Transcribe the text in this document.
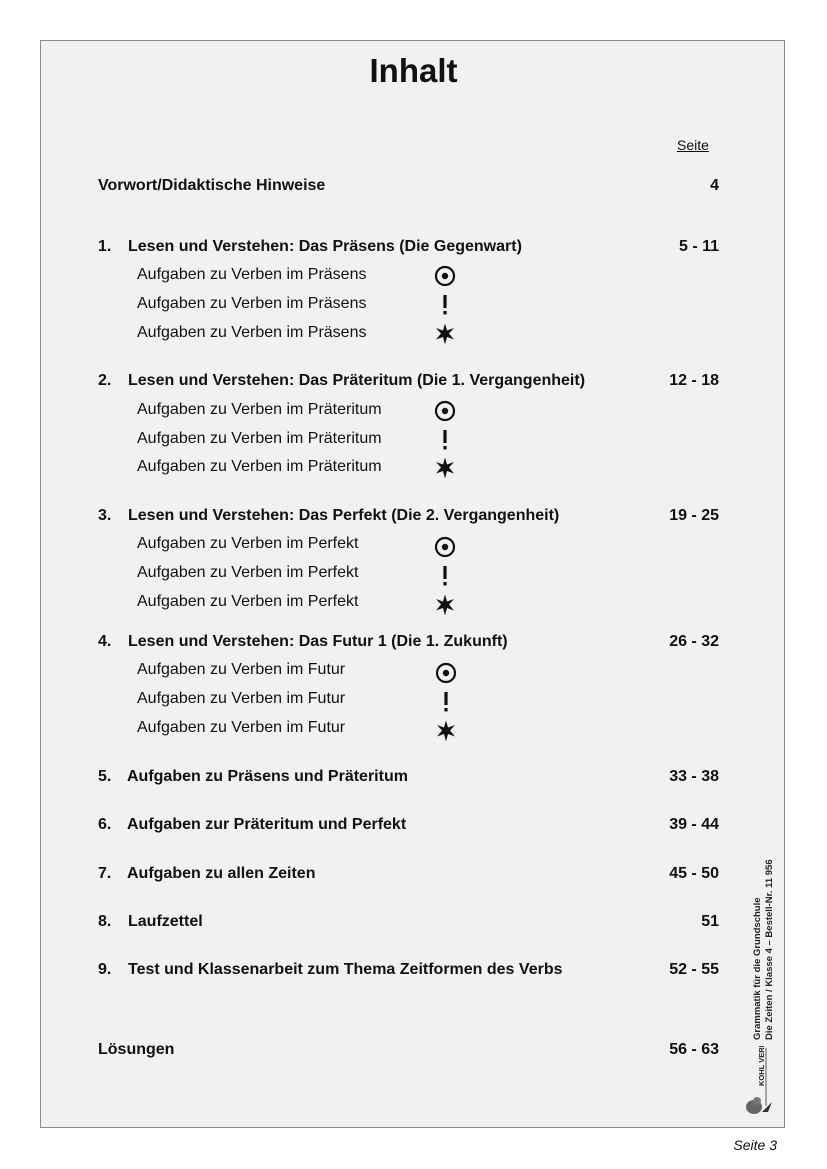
Inhalt
Seite
Vorwort/Didaktische Hinweise	4
1. Lesen und Verstehen: Das Präsens (Die Gegenwart)	5 - 11
Aufgaben zu Verben im Präsens
Aufgaben zu Verben im Präsens
Aufgaben zu Verben im Präsens
2. Lesen und Verstehen: Das Präteritum (Die 1. Vergangenheit)	12 - 18
Aufgaben zu Verben im Präteritum
Aufgaben zu Verben im Präteritum
Aufgaben zu Verben im Präteritum
3. Lesen und Verstehen: Das Perfekt (Die 2. Vergangenheit)	19 - 25
Aufgaben zu Verben im Perfekt
Aufgaben zu Verben im Perfekt
Aufgaben zu Verben im Perfekt
4. Lesen und Verstehen: Das Futur 1 (Die 1. Zukunft)	26 - 32
Aufgaben zu Verben im Futur
Aufgaben zu Verben im Futur
Aufgaben zu Verben im Futur
5. Aufgaben zu Präsens und Präteritum	33 - 38
6. Aufgaben zur Präteritum und Perfekt	39 - 44
7. Aufgaben zu allen Zeiten	45 - 50
8. Laufzettel	51
9. Test und Klassenarbeit zum Thema Zeitformen des Verbs	52 - 55
Lösungen	56 - 63
Grammatik für die Grundschule Die Zeiten / Klasse 4 – Bestell-Nr. 11 956
KOHL VERLAG
Seite 3
